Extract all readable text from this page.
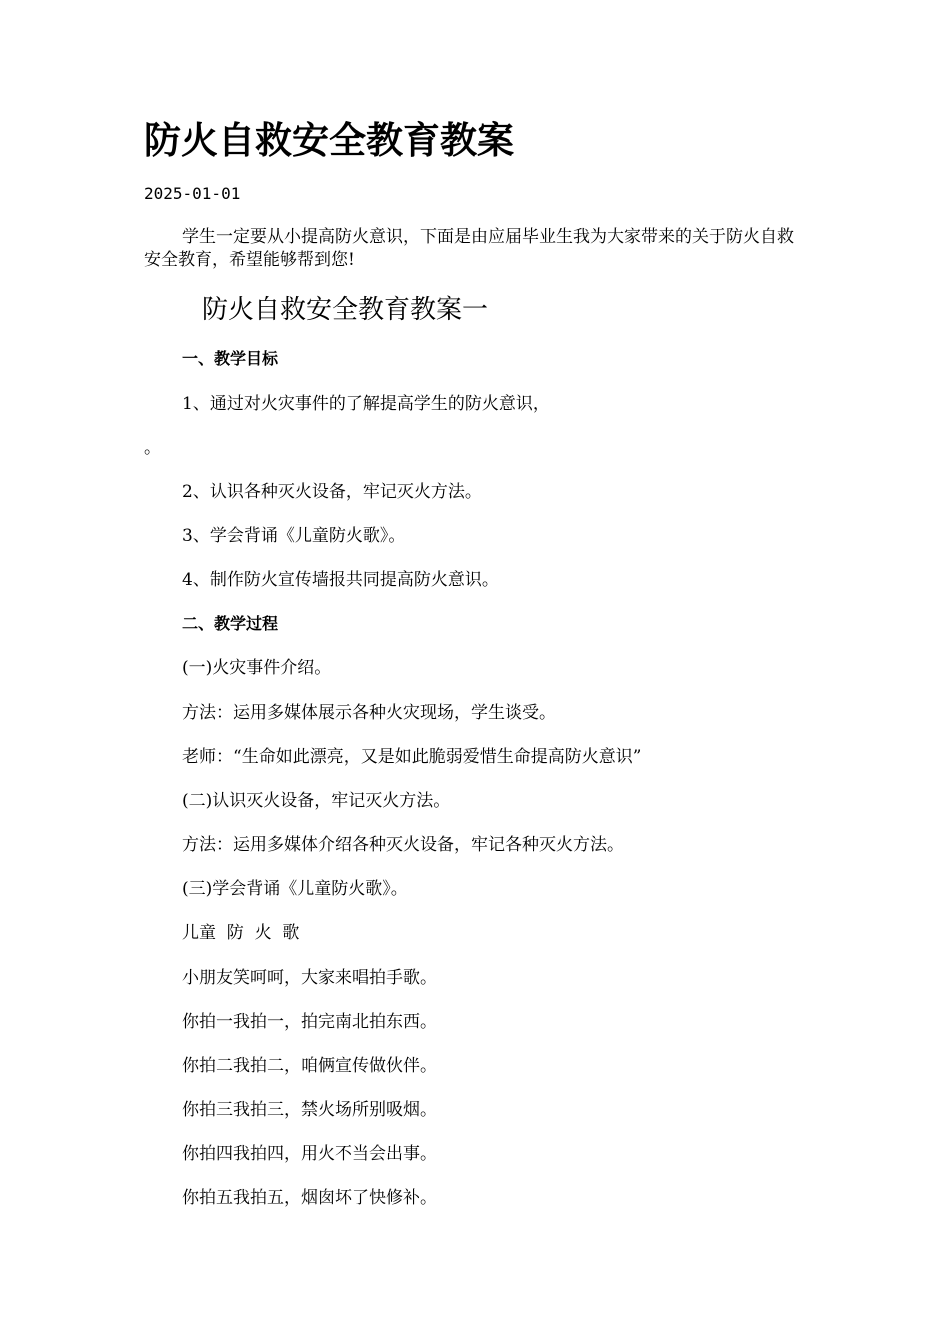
防火自救安全教育教案
2025-01-01
学生一定要从小提高防火意识，下面是由应届毕业生我为大家带来的关于防火自救安全教育，希望能够帮到您!
防火自救安全教育教案一
一、教学目标
1、通过对火灾事件的了解提高学生的防火意识，
。
2、认识各种灭火设备，牢记灭火方法。
3、学会背诵《儿童防火歌》。
4、制作防火宣传墙报共同提高防火意识。
二、教学过程
(一)火灾事件介绍。
方法：运用多媒体展示各种火灾现场，学生谈受。
老师：“生命如此漂亮，又是如此脆弱爱惜生命提高防火意识”
(二)认识灭火设备，牢记灭火方法。
方法：运用多媒体介绍各种灭火设备，牢记各种灭火方法。
(三)学会背诵《儿童防火歌》。
儿童  防  火  歌
小朋友笑呵呵，大家来唱拍手歌。
你拍一我拍一，拍完南北拍东西。
你拍二我拍二，咱俩宣传做伙伴。
你拍三我拍三，禁火场所别吸烟。
你拍四我拍四，用火不当会出事。
你拍五我拍五，烟囱坏了快修补。
